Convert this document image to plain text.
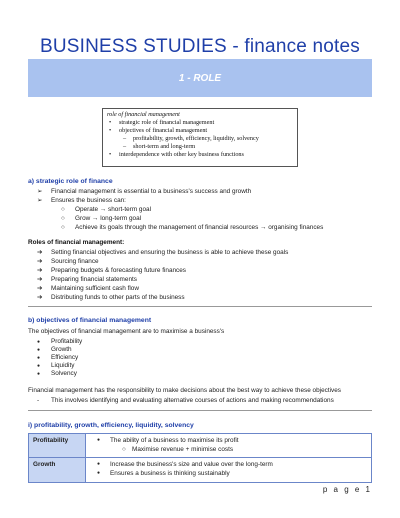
BUSINESS STUDIES - finance notes
1 - ROLE
role of financial management
• strategic role of financial management
• objectives of financial management
– profitability, growth, efficiency, liquidity, solvency
– short-term and long-term
• interdependence with other key business functions
a) strategic role of finance
➢ Financial management is essential to a business's success and growth
➢ Ensures the business can:
○ Operate → short-term goal
○ Grow → long-term goal
○ Achieve its goals through the management of financial resources → organising finances
Roles of financial management:
➔ Setting financial objectives and ensuring the business is able to achieve these goals
➔ Sourcing finance
➔ Preparing budgets & forecasting future finances
➔ Preparing financial statements
➔ Maintaining sufficient cash flow
➔ Distributing funds to other parts of the business
b) objectives of financial management
The objectives of financial management are to maximise a business's
● Profitability
● Growth
● Efficiency
● Liquidity
● Solvency
Financial management has the responsibility to make decisions about the best way to achieve these objectives
- This involves identifying and evaluating alternative courses of actions and making recommendations
i) profitability, growth, efficiency, liquidity, solvency
Profitability	● The ability of a business to maximise its profit
○ Maximise revenue + minimise costs

Growth	● Increase the business's size and value over the long-term
● Ensures a business is thinking sustainably
p a g e 1
